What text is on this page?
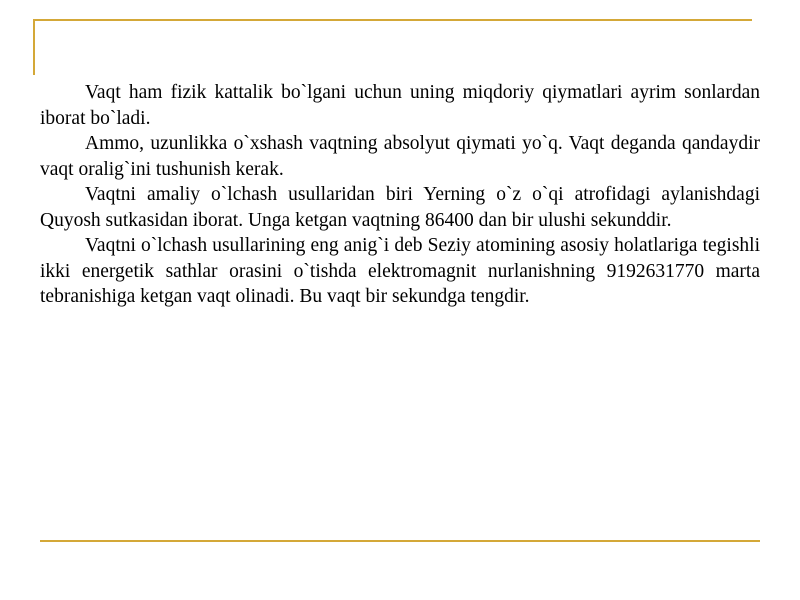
Vaqt ham fizik kattalik bo`lgani uchun uning miqdoriy qiymatlari ayrim sonlardan iborat bo`ladi.

Ammo, uzunlikka o`xshash vaqtning absolyut qiymati yo`q. Vaqt deganda qandaydir vaqt oralig`ini tushunish kerak.

Vaqtni amaliy o`lchash usullaridan biri Yerning o`z o`qi atrofidagi aylanishdagi Quyosh sutkasidan iborat. Unga ketgan vaqtning 86400 dan bir ulushi sekunddir.

Vaqtni o`lchash usullarining eng anig`i deb Seziy atomining asosiy holatlariga tegishli ikki energetik sathlar orasini o`tishda elektromagnit nurlanishning 9192631770 marta tebranishiga ketgan vaqt olinadi. Bu vaqt bir sekundga tengdir.
